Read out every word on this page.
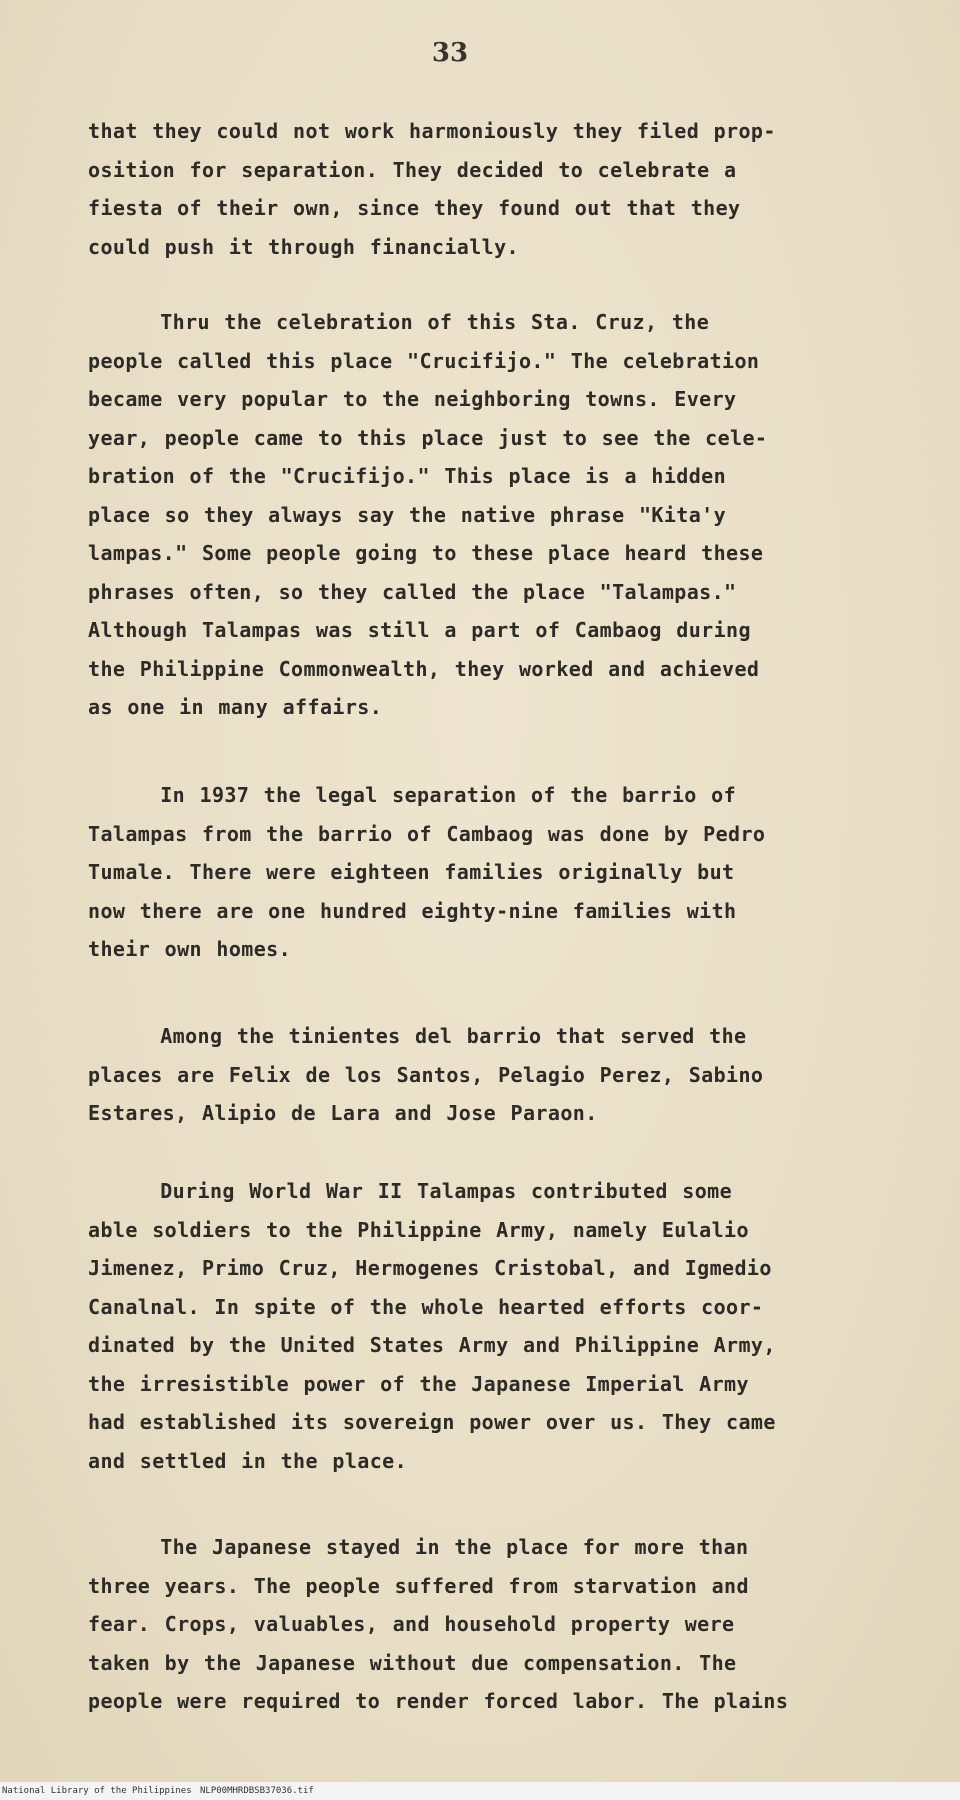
33
that they could not work harmoniously they filed prop-
osition for separation. They decided to celebrate a
fiesta of their own, since they found out that they
could push it through financially.
Thru the celebration of this Sta. Cruz, the
people called this place "Crucifijo." The celebration
became very popular to the neighboring towns. Every
year, people came to this place just to see the cele-
bration of the "Crucifijo." This place is a hidden
place so they always say the native phrase "Kita'y
lampas." Some people going to these place heard these
phrases often, so they called the place "Talampas."
Although Talampas was still a part of Cambaog during
the Philippine Commonwealth, they worked and achieved
as one in many affairs.
In 1937 the legal separation of the barrio of
Talampas from the barrio of Cambaog was done by Pedro
Tumale. There were eighteen families originally but
now there are one hundred eighty-nine families with
their own homes.
Among the tinientes del barrio that served the
places are Felix de los Santos, Pelagio Perez, Sabino
Estares, Alipio de Lara and Jose Paraon.
During World War II Talampas contributed some
able soldiers to the Philippine Army, namely Eulalio
Jimenez, Primo Cruz, Hermogenes Cristobal, and Igmedio
Canalnal. In spite of the whole hearted efforts coor-
dinated by the United States Army and Philippine Army,
the irresistible power of the Japanese Imperial Army
had established its sovereign power over us. They came
and settled in the place.
The Japanese stayed in the place for more than
three years. The people suffered from starvation and
fear. Crops, valuables, and household property were
taken by the Japanese without due compensation. The
people were required to render forced labor. The plains
National Library of the Philippines NLP00MHRDBSB37036.tif
